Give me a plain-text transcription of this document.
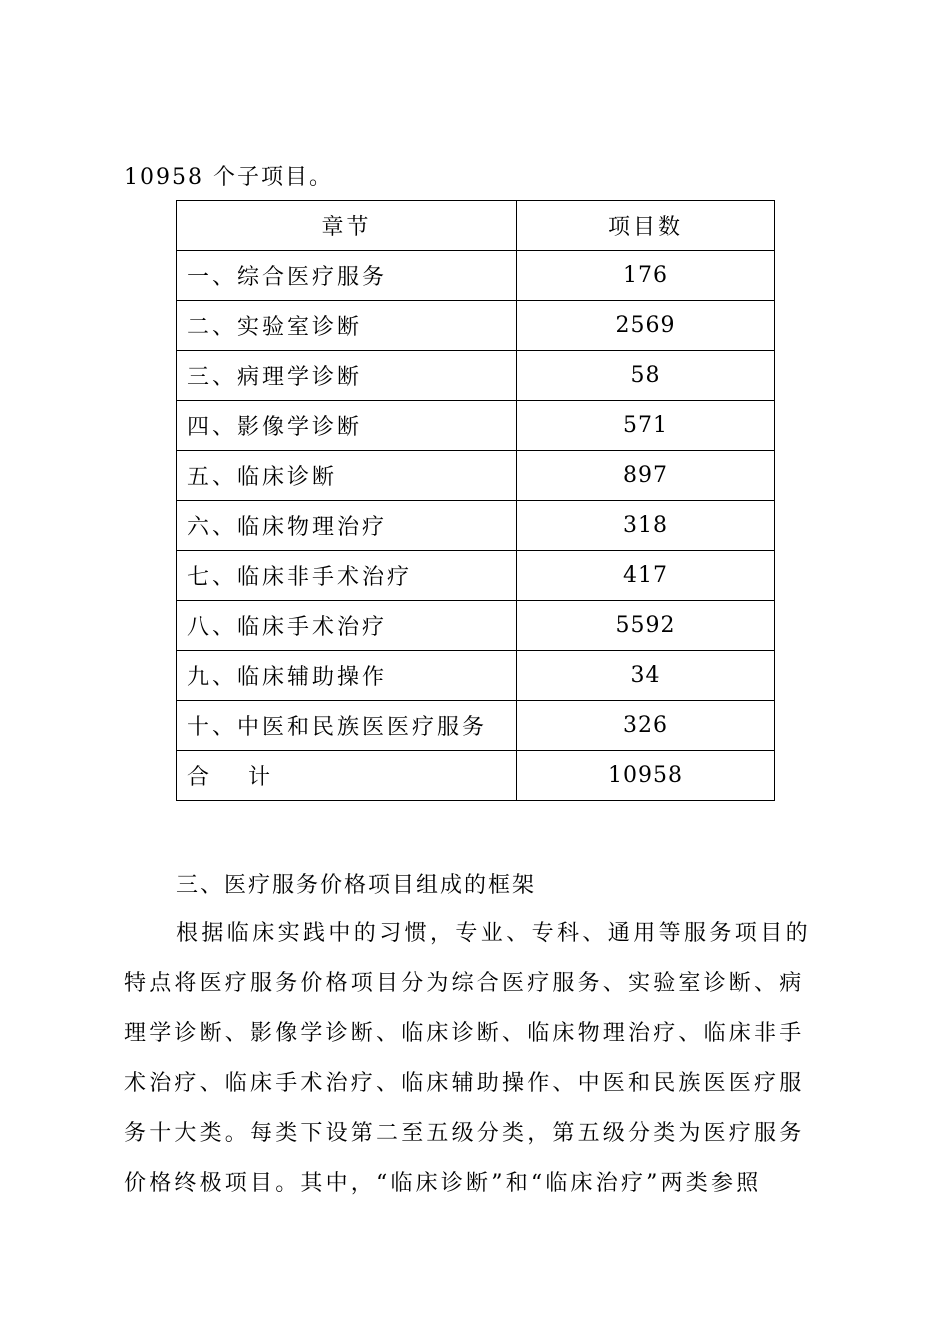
10958 个子项目。
章节	项目数
一、综合医疗服务	176
二、实验室诊断	2569
三、病理学诊断	58
四、影像学诊断	571
五、临床诊断	897
六、临床物理治疗	318
七、临床非手术治疗	417
八、临床手术治疗	5592
九、临床辅助操作	34
十、中医和民族医医疗服务	326
合 计	10958
三、医疗服务价格项目组成的框架
根据临床实践中的习惯，专业、专科、通用等服务项目的
特点将医疗服务价格项目分为综合医疗服务、实验室诊断、病
理学诊断、影像学诊断、临床诊断、临床物理治疗、临床非手
术治疗、临床手术治疗、临床辅助操作、中医和民族医医疗服
务十大类。每类下设第二至五级分类，第五级分类为医疗服务
价格终极项目。其中，“临床诊断”和“临床治疗”两类参照
